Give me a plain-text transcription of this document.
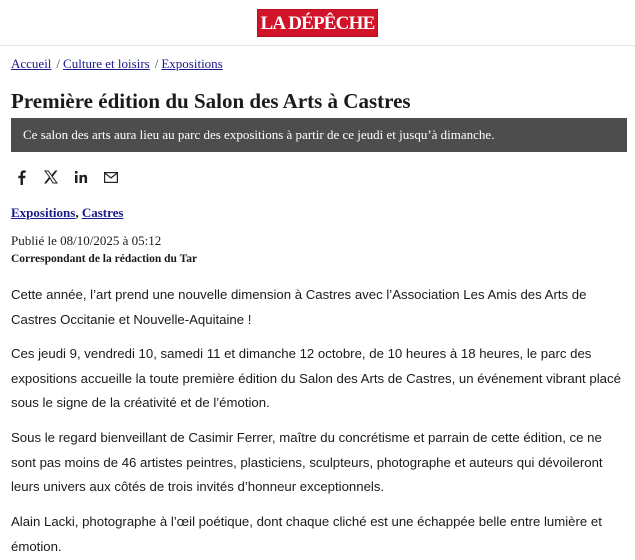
LA DÉPÊCHE
Accueil / Culture et loisirs / Expositions
Première édition du Salon des Arts à Castres
Ce salon des arts aura lieu au parc des expositions à partir de ce jeudi et jusqu’à dimanche.
Expositions, Castres
Publié le 08/10/2025 à 05:12
Correspondant de la rédaction du Tar

Cette année, l’art prend une nouvelle dimension à Castres avec l’Association Les Amis des Arts de Castres Occitanie et Nouvelle-Aquitaine !

Ces jeudi 9, vendredi 10, samedi 11 et dimanche 12 octobre, de 10 heures à 18 heures, le parc des expositions accueille la toute première édition du Salon des Arts de Castres, un événement vibrant placé sous le signe de la créativité et de l’émotion.

Sous le regard bienveillant de Casimir Ferrer, maître du concrétisme et parrain de cette édition, ce ne sont pas moins de 46 artistes peintres, plasticiens, sculpteurs, photographe et auteurs qui dévoileront leurs univers aux côtés de trois invités d’honneur exceptionnels.

Alain Lacki, photographe à l’œil poétique, dont chaque cliché est une échappée belle entre lumière et émotion.
